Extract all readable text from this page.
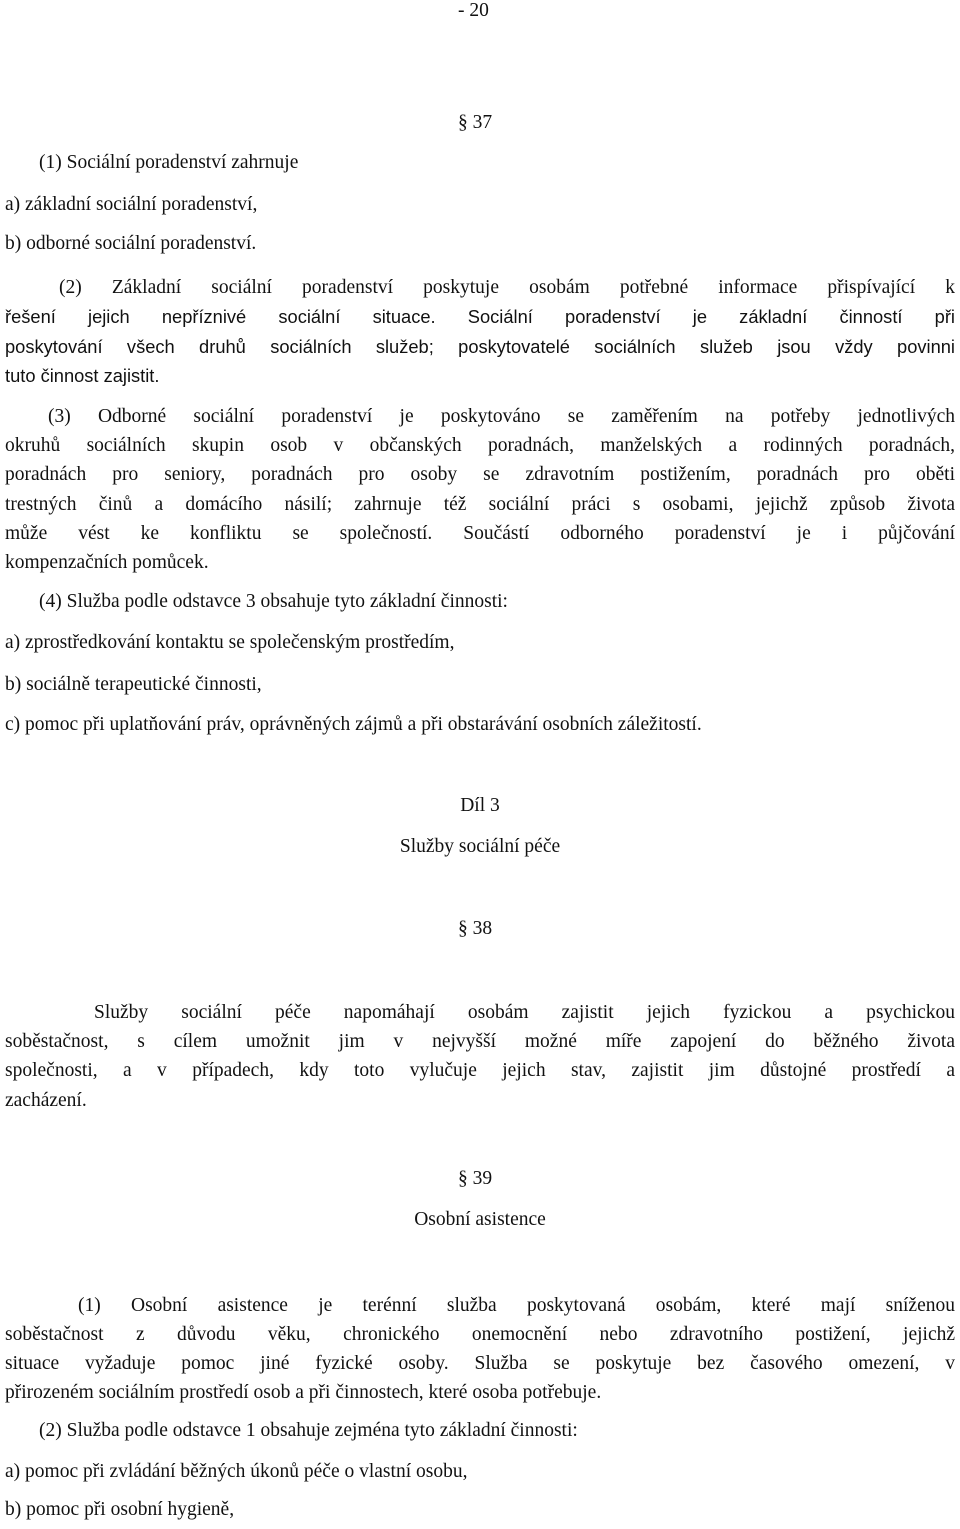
- 20
§ 37
(1) Sociální poradenství zahrnuje
a) základní sociální poradenství,
b) odborné sociální poradenství.
(2) Základní sociální poradenství poskytuje osobám potřebné informace přispívající k
řešení jejich nepříznivé sociální situace. Sociální poradenství je základní činností při
poskytování všech druhů sociálních služeb; poskytovatelé sociálních služeb jsou vždy povinni
tuto činnost zajistit.
(3) Odborné sociální poradenství je poskytováno se zaměřením na potřeby jednotlivých
okruhů sociálních skupin osob v občanských poradnách, manželských a rodinných poradnách,
poradnách pro seniory, poradnách pro osoby se zdravotním postižením, poradnách pro oběti
trestných činů a domácího násilí; zahrnuje též sociální práci s osobami, jejichž způsob života
může vést ke konfliktu se společností. Součástí odborného poradenství je i půjčování
kompenzačních pomůcek.
(4) Služba podle odstavce 3 obsahuje tyto základní činnosti:
a) zprostředkování kontaktu se společenským prostředím,
b) sociálně terapeutické činnosti,
c) pomoc při uplatňování práv, oprávněných zájmů a při obstarávání osobních záležitostí.
Díl 3
Služby sociální péče
§ 38
Služby sociální péče napomáhají osobám zajistit jejich fyzickou a psychickou
soběstačnost, s cílem umožnit jim v nejvyšší možné míře zapojení do běžného života
společnosti, a v případech, kdy toto vylučuje jejich stav, zajistit jim důstojné prostředí a
zacházení.
§ 39
Osobní asistence
(1) Osobní asistence je terénní služba poskytovaná osobám, které mají sníženou
soběstačnost z důvodu věku, chronického onemocnění nebo zdravotního postižení, jejichž
situace vyžaduje pomoc jiné fyzické osoby. Služba se poskytuje bez časového omezení, v
přirozeném sociálním prostředí osob a při činnostech, které osoba potřebuje.
(2) Služba podle odstavce 1 obsahuje zejména tyto základní činnosti:
a) pomoc při zvládání běžných úkonů péče o vlastní osobu,
b) pomoc při osobní hygieně,
